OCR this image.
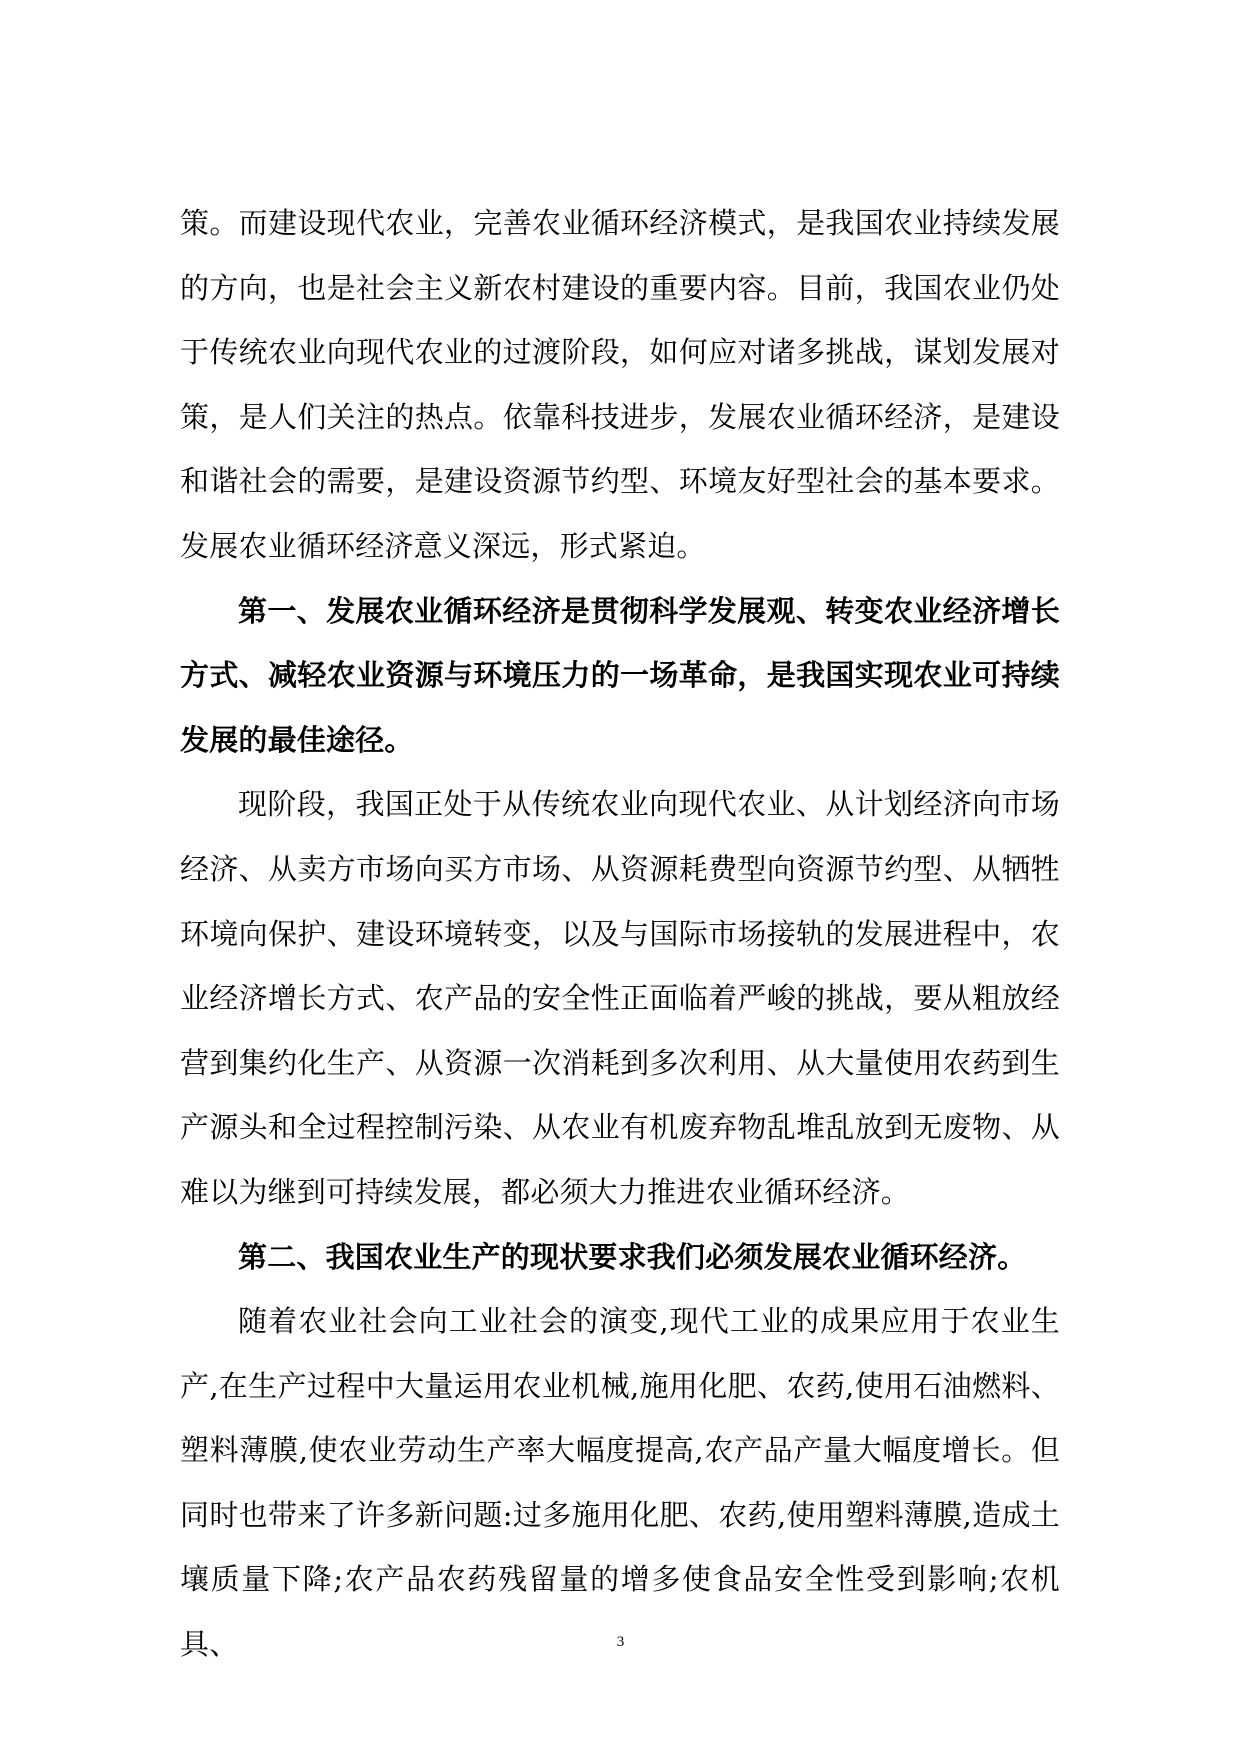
策。而建设现代农业，完善农业循环经济模式，是我国农业持续发展的方向，也是社会主义新农村建设的重要内容。目前，我国农业仍处于传统农业向现代农业的过渡阶段，如何应对诸多挑战，谋划发展对策，是人们关注的热点。依靠科技进步，发展农业循环经济，是建设和谐社会的需要，是建设资源节约型、环境友好型社会的基本要求。发展农业循环经济意义深远，形式紧迫。

第一、发展农业循环经济是贯彻科学发展观、转变农业经济增长方式、减轻农业资源与环境压力的一场革命，是我国实现农业可持续发展的最佳途径。

现阶段，我国正处于从传统农业向现代农业、从计划经济向市场经济、从卖方市场向买方市场、从资源耗费型向资源节约型、从牺牲环境向保护、建设环境转变，以及与国际市场接轨的发展进程中，农业经济增长方式、农产品的安全性正面临着严峻的挑战，要从粗放经营到集约化生产、从资源一次消耗到多次利用、从大量使用农药到生产源头和全过程控制污染、从农业有机废弃物乱堆乱放到无废物、从难以为继到可持续发展，都必须大力推进农业循环经济。

第二、我国农业生产的现状要求我们必须发展农业循环经济。

随着农业社会向工业社会的演变,现代工业的成果应用于农业生产,在生产过程中大量运用农业机械,施用化肥、农药,使用石油燃料、塑料薄膜,使农业劳动生产率大幅度提高,农产品产量大幅度增长。但同时也带来了许多新问题:过多施用化肥、农药,使用塑料薄膜,造成土壤质量下降;农产品农药残留量的增多使食品安全性受到影响;农机具、	3
